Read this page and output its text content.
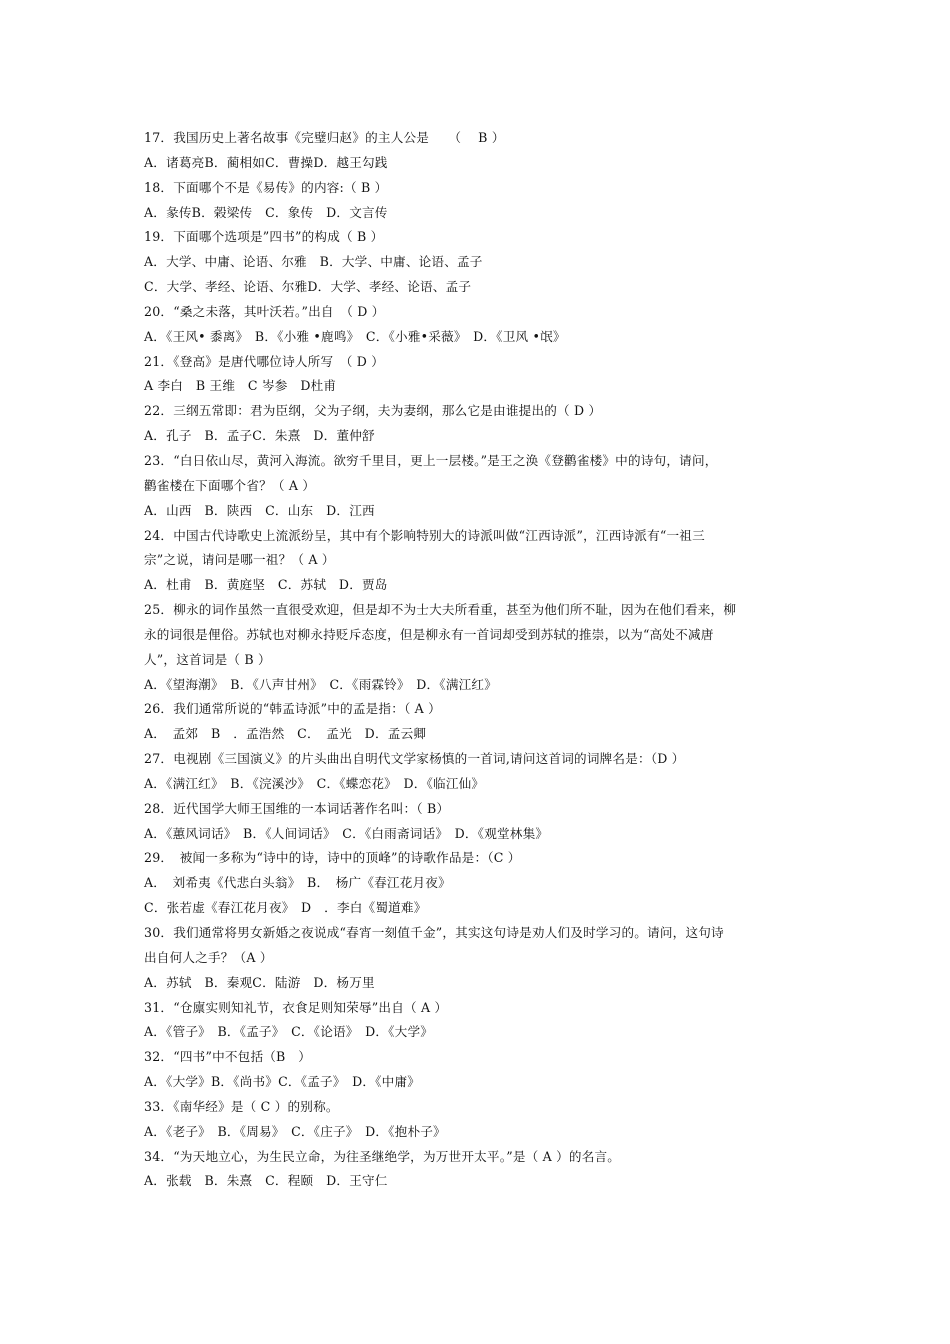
17．我国历史上著名故事《完璧归赵》的主人公是　　（　 B ）
A．诸葛亮B．蔺相如C．曹操D．越王勾践
18．下面哪个不是《易传》的内容:（ B ）
A．彖传B．榖梁传　C．象传　D．文言传
19．下面哪个选项是”四书”的构成（ B ）
A．大学、中庸、论语、尔雅　B．大学、中庸、论语、孟子
C．大学、孝经、论语、尔雅D．大学、孝经、论语、孟子
20．“桑之未落，其叶沃若。”出自　（ D ）
A．《王风• 黍离》　B．《小雅 •鹿鸣》　C．《小雅•采薇》　D．《卫风 •氓》
21．《登高》是唐代哪位诗人所写　（ D ）
A 李白　B 王维　C 岑参　D杜甫
22．三纲五常即：君为臣纲，父为子纲，夫为妻纲，那么它是由谁提出的（ D ）
A．孔子　B．孟子C．朱熹　D．董仲舒
23．“白日依山尽，黄河入海流。欲穷千里目，更上一层楼。”是王之涣《登鹳雀楼》中的诗句，请问，
鹳雀楼在下面哪个省？（ A ）
A．山西　B．陕西　C．山东　D．江西
24．中国古代诗歌史上流派纷呈，其中有个影响特别大的诗派叫做“江西诗派”，江西诗派有“一祖三
宗”之说，请问是哪一祖？（ A ）
A．杜甫　B．黄庭坚　C．苏轼　D．贾岛
25．柳永的词作虽然一直很受欢迎，但是却不为士大夫所看重，甚至为他们所不耻，因为在他们看来，柳
永的词很是俚俗。苏轼也对柳永持贬斥态度，但是柳永有一首词却受到苏轼的推崇，以为“高处不减唐
人”，这首词是（ B ）
A．《望海潮》　B．《八声甘州》　C．《雨霖铃》　D．《满江红》
26．我们通常所说的“韩孟诗派”中的孟是指：（ A ）
A．　孟郊　B　．孟浩然　C．　孟光　D．孟云卿
27．电视剧《三国演义》的片头曲出自明代文学家杨慎的一首词,请问这首词的词牌名是：（D ）
A．《满江红》　B．《浣溪沙》　C．《蝶恋花》　D．《临江仙》
28．近代国学大师王国维的一本词话著作名叫：（ B）
A．《蕙风词话》　B．《人间词话》　C．《白雨斋词话》　D．《观堂林集》
29．　被闻一多称为“诗中的诗，诗中的顶峰”的诗歌作品是：（C ）
A．　刘希夷《代悲白头翁》　B．　杨广《春江花月夜》
C．张若虚《春江花月夜》　D　．李白《蜀道难》
30．我们通常将男女新婚之夜说成“春宵一刻值千金”，其实这句诗是劝人们及时学习的。请问，这句诗
出自何人之手？（A ）
A．苏轼　B．秦观C．陆游　D．杨万里
31．“仓廪实则知礼节，衣食足则知荣辱”出自（ A ）
A．《管子》　B．《孟子》　C．《论语》　D．《大学》
32．“四书”中不包括（B　）
A．《大学》B．《尚书》C．《孟子》　D．《中庸》
33．《南华经》是（ C ）的别称。
A．《老子》　B．《周易》　C．《庄子》　D．《抱朴子》
34．“为天地立心，为生民立命，为往圣继绝学，为万世开太平。”是（ A ）的名言。
A．张载　B．朱熹　C．程颐　D．王守仁
